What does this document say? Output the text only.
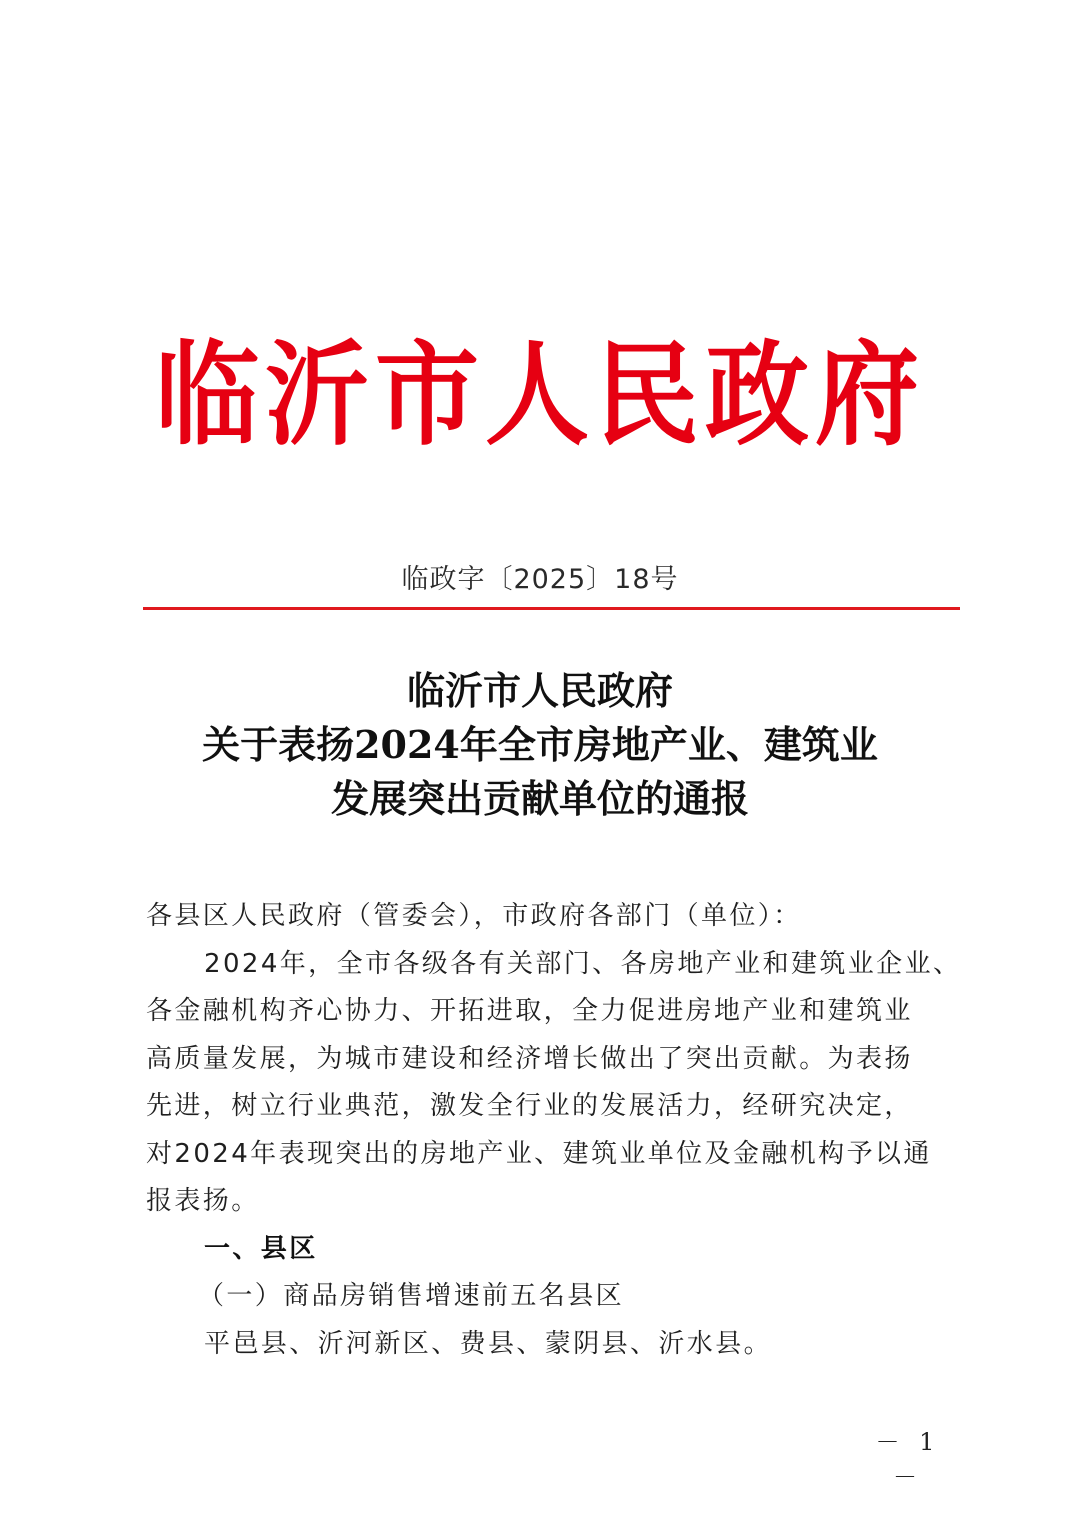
临沂市人民政府
临政字〔2025〕18号
临沂市人民政府
关于表扬2024年全市房地产业、建筑业
发展突出贡献单位的通报
各县区人民政府（管委会），市政府各部门（单位）：
2024年，全市各级各有关部门、各房地产业和建筑业企业、
各金融机构齐心协力、开拓进取，全力促进房地产业和建筑业
高质量发展，为城市建设和经济增长做出了突出贡献。为表扬
先进，树立行业典范，激发全行业的发展活力，经研究决定，
对2024年表现突出的房地产业、建筑业单位及金融机构予以通
报表扬。
一、县区
（一）商品房销售增速前五名县区
平邑县、沂河新区、费县、蒙阴县、沂水县。
－ 1 －
